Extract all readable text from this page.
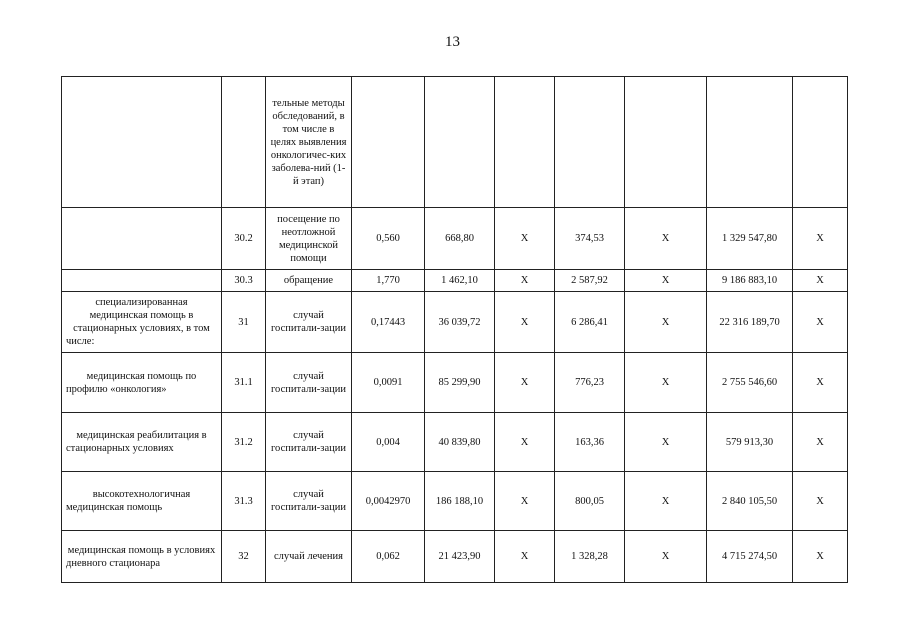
13
		тельные методы обследований, в том числе в целях выявления онкологичес-ких заболева-ний (1-й этап)							
	30.2	посещение по неотложной медицинской помощи	0,560	668,80	X	374,53	X	1 329 547,80	X
	30.3	обращение	1,770	1 462,10	X	2 587,92	X	9 186 883,10	X
специализированная медицинская помощь в стационарных условиях, в том числе:	31	случай госпитали-зации	0,17443	36 039,72	X	6 286,41	X	22 316 189,70	X
медицинская помощь по профилю «онкология»	31.1	случай госпитали-зации	0,0091	85 299,90	X	776,23	X	2 755 546,60	X
медицинская реабилитация в стационарных условиях	31.2	случай госпитали-зации	0,004	40 839,80	X	163,36	X	579 913,30	X
высокотехнологичная медицинская помощь	31.3	случай госпитали-зации	0,0042970	186 188,10	X	800,05	X	2 840 105,50	X
медицинская помощь в условиях дневного стационара	32	случай лечения	0,062	21 423,90	X	1 328,28	X	4 715 274,50	X
